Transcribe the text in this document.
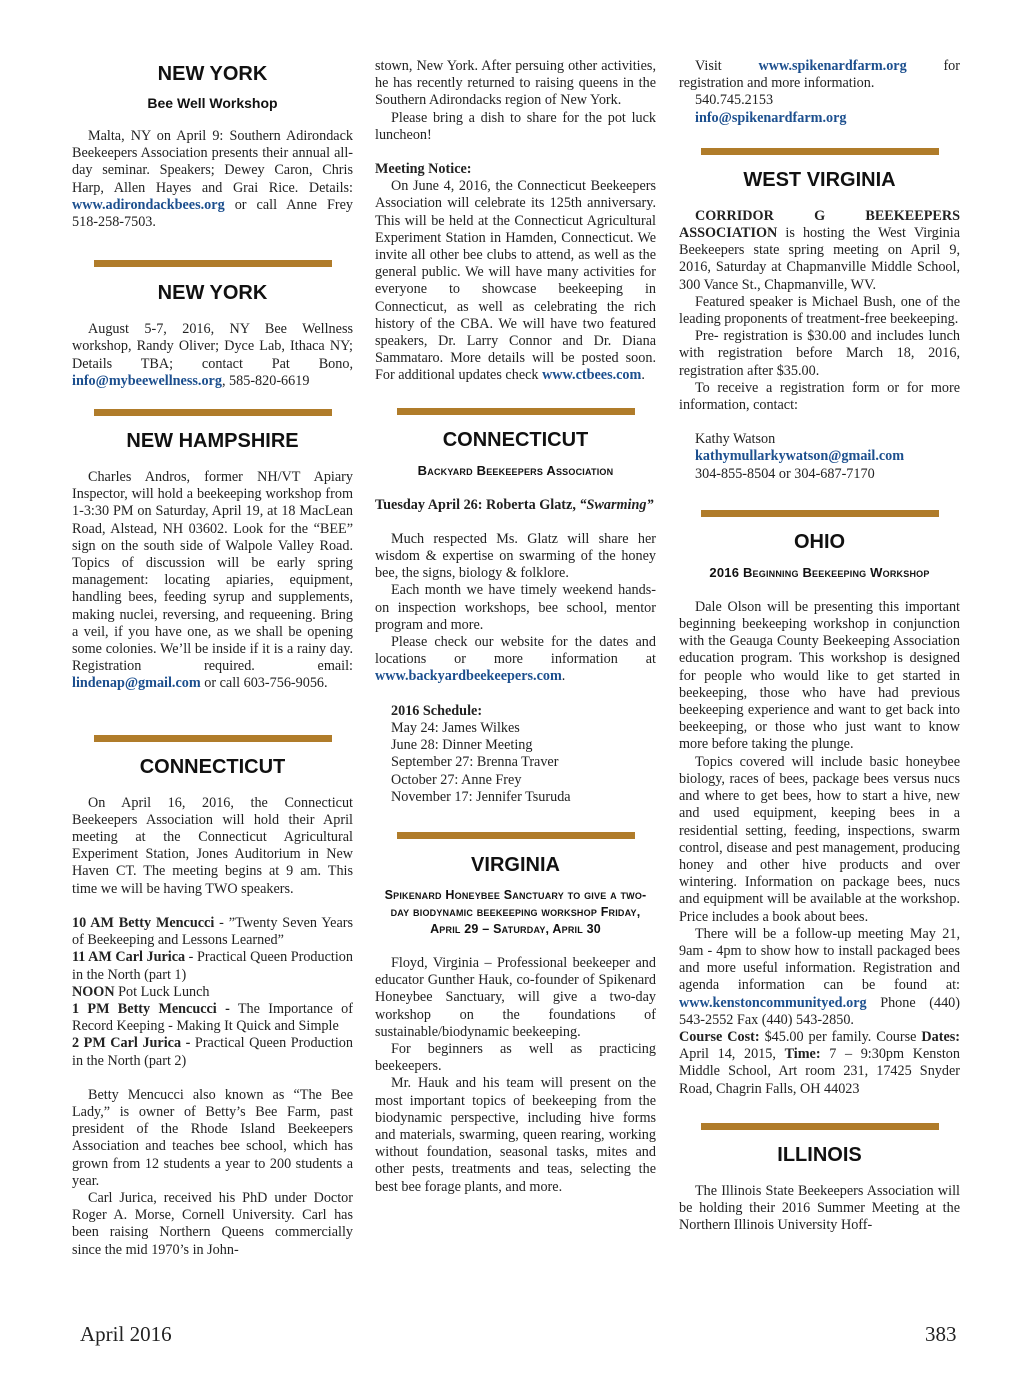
NEW YORK
Bee Well Workshop

Malta, NY on April 9: Southern Adirondack Beekeepers Association presents their annual all-day seminar. Speakers; Dewey Caron, Chris Harp, Allen Hayes and Grai Rice. Details: www.adirondackbees.org or call Anne Frey 518-258-7503.

NEW YORK

August 5-7, 2016, NY Bee Wellness workshop, Randy Oliver; Dyce Lab, Ithaca NY; Details TBA; contact Pat Bono, info@mybeewellness.org, 585-820-6619

NEW HAMPSHIRE

Charles Andros, former NH/VT Apiary Inspector, will hold a beekeeping workshop from 1-3:30 PM on Saturday, April 19, at 18 MacLean Road, Alstead, NH 03602. Look for the “BEE” sign on the south side of Walpole Valley Road. Topics of discussion will be early spring management: locating apiaries, equipment, handling bees, feeding syrup and supplements, making nuclei, reversing, and requeening. Bring a veil, if you have one, as we shall be opening some colonies. We’ll be inside if it is a rainy day. Registration required. email: lindenap@gmail.com or call 603-756-9056.

CONNECTICUT

On April 16, 2016, the Connecticut Beekeepers Association will hold their April meeting at the Connecticut Agricultural Experiment Station, Jones Auditorium in New Haven CT. The meeting begins at 9 am. This time we will be having TWO speakers.

10 AM Betty Mencucci - ”Twenty Seven Years of Beekeeping and Lessons Learned”

11 AM Carl Jurica - Practical Queen Production in the North (part 1)

NOON Pot Luck Lunch

1 PM Betty Mencucci - The Importance of Record Keeping - Making It Quick and Simple

2 PM Carl Jurica - Practical Queen Production in the North (part 2)

Betty Mencucci also known as “The Bee Lady,” is owner of Betty’s Bee Farm, past president of the Rhode Island Beekeepers Association and teaches bee school, which has grown from 12 students a year to 200 students a year.

Carl Jurica, received his PhD under Doctor Roger A. Morse, Cornell University. Carl has been raising Northern Queens commercially since the mid 1970’s in John-

stown, New York. After persuing other activities, he has recently returned to raising queens in the Southern Adirondacks region of New York.

Please bring a dish to share for the pot luck luncheon!

Meeting Notice:

On June 4, 2016, the Connecticut Beekeepers Association will celebrate its 125th anniversary. This will be held at the Connecticut Agricultural Experiment Station in Hamden, Connecticut. We invite all other bee clubs to attend, as well as the general public. We will have many activities for everyone to showcase beekeeping in Connecticut, as well as celebrating the rich history of the CBA. We will have two featured speakers, Dr. Larry Connor and Dr. Diana Sammataro. More details will be posted soon. For additional updates check www.ctbees.com.

CONNECTICUT
Backyard Beekeepers Association

Tuesday April 26: Roberta Glatz, “Swarming”

Much respected Ms. Glatz will share her wisdom & expertise on swarming of the honey bee, the signs, biology & folklore.

Each month we have timely weekend hands-on inspection workshops, bee school, mentor program and more.

Please check our website for the dates and locations or more information at www.backyardbeekeepers.com.

2016 Schedule:

May 24: James Wilkes

June 28: Dinner Meeting

September 27: Brenna Traver

October 27: Anne Frey

November 17: Jennifer Tsuruda

VIRGINIA
Spikenard Honeybee Sanctuary to give a two-day biodynamic beekeeping workshop Friday, April 29 – Saturday, April 30

Floyd, Virginia – Professional beekeeper and educator Gunther Hauk, co-founder of Spikenard Honeybee Sanctuary, will give a two-day workshop on the foundations of sustainable/biodynamic beekeeping.

For beginners as well as practicing beekeepers.

Mr. Hauk and his team will present on the most important topics of beekeeping from the biodynamic perspective, including hive forms and materials, swarming, queen rearing, working without foundation, seasonal tasks, mites and other pests, treatments and teas, selecting the best bee forage plants, and more.

Visit www.spikenardfarm.org for registration and more information.

540.745.2153

info@spikenardfarm.org

WEST VIRGINIA

CORRIDOR G BEEKEEPERS ASSOCIATION is hosting the West Virginia Beekeepers state spring meeting on April 9, 2016, Saturday at Chapmanville Middle School, 300 Vance St., Chapmanville, WV.

Featured speaker is Michael Bush, one of the leading proponents of treatment-free beekeeping.

Pre- registration is $30.00 and includes lunch with registration before March 18, 2016, registration after $35.00.

To receive a registration form or for more information, contact:

Kathy Watson

kathymullarkywatson@gmail.com

304-855-8504 or 304-687-7170

OHIO
2016 Beginning Beekeeping Workshop

Dale Olson will be presenting this important beginning beekeeping workshop in conjunction with the Geauga County Beekeeping Association education program. This workshop is designed for people who would like to get started in beekeeping, those who have had previous beekeeping experience and want to get back into beekeeping, or those who just want to know more before taking the plunge.

Topics covered will include basic honeybee biology, races of bees, package bees versus nucs and where to get bees, how to start a hive, new and used equipment, keeping bees in a residential setting, feeding, inspections, swarm control, disease and pest management, producing honey and other hive products and over wintering. Information on package bees, nucs and equipment will be available at the workshop. Price includes a book about bees.

There will be a follow-up meeting May 21, 9am - 4pm to show how to install packaged bees and more useful information. Registration and agenda information can be found at: www.kenstoncommunityed.org Phone (440) 543-2552 Fax (440) 543-2850.

Course Cost: $45.00 per family. Course Dates: April 14, 2015, Time: 7 – 9:30pm Kenston Middle School, Art room 231, 17425 Snyder Road, Chagrin Falls, OH 44023

ILLINOIS

The Illinois State Beekeepers Association will be holding their 2016 Summer Meeting at the Northern Illinois University Hoff-

April 2016	383
